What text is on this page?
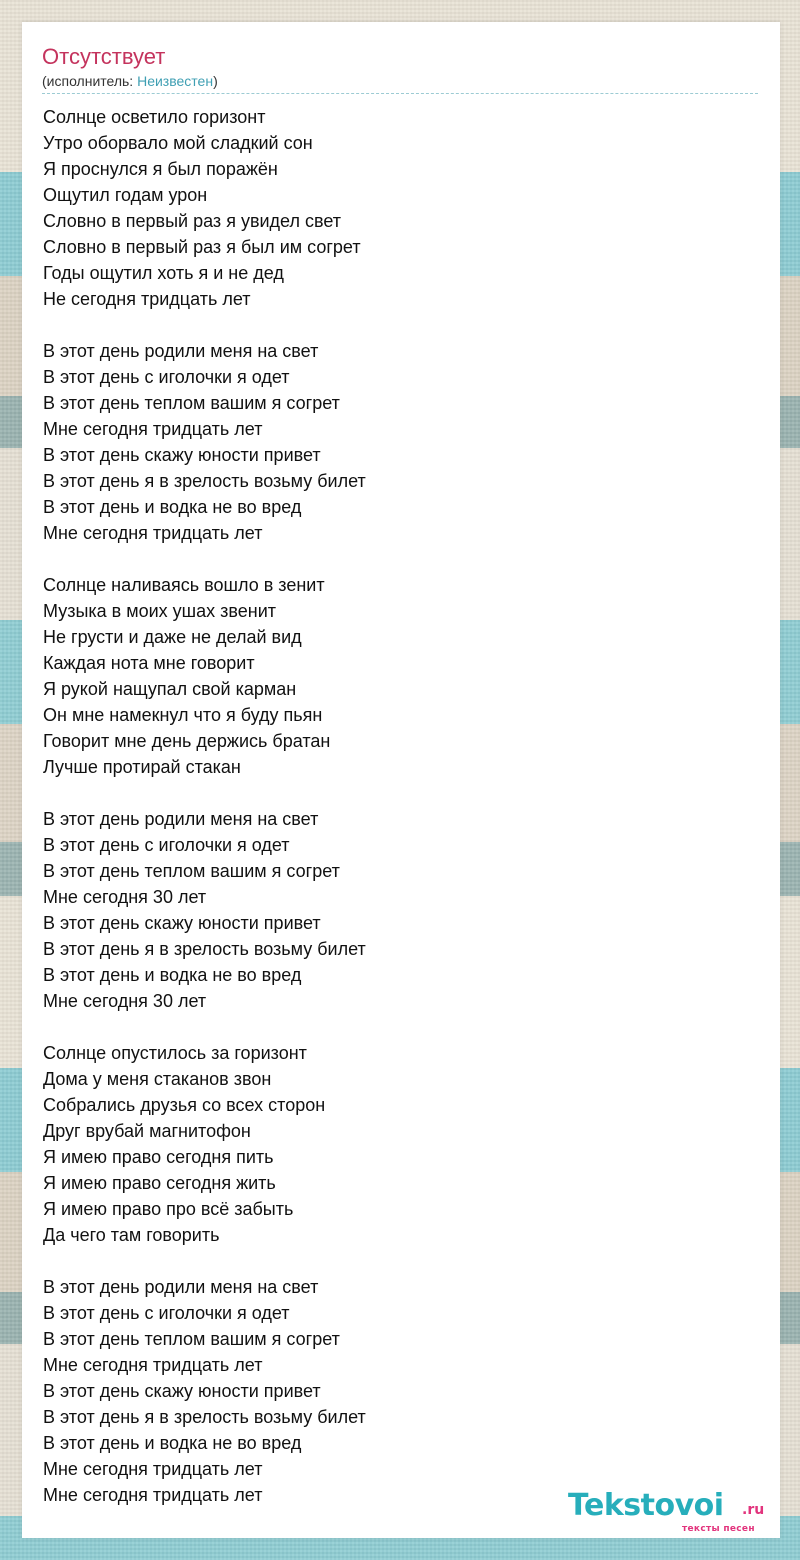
Отсутствует
(исполнитель: Неизвестен)
Солнце осветило горизонт
Утро оборвало мой сладкий сон
Я проснулся я был поражён
Ощутил годам урон
Словно в первый раз я увидел свет
Словно в первый раз я был им согрет
Годы ощутил хоть я и не дед
Не сегодня тридцать лет
В этот день родили меня на свет
В этот день с иголочки я одет
В этот день теплом вашим я согрет
Мне сегодня тридцать лет
В этот день скажу юности привет
В этот день я в зрелость возьму билет
В этот день и водка не во вред
Мне сегодня тридцать лет
Солнце наливаясь вошло в зенит
Музыка в моих ушах звенит
Не грусти и даже не делай вид
Каждая нота мне говорит
Я рукой нащупал свой карман
Он мне намекнул что я буду пьян
Говорит мне день держись братан
Лучше протирай стакан
В этот день родили меня на свет
В этот день с иголочки я одет
В этот день теплом вашим я согрет
Мне сегодня 30 лет
В этот день скажу юности привет
В этот день я в зрелость возьму билет
В этот день и водка не во вред
Мне сегодня 30 лет
Солнце опустилось за горизонт
Дома у меня стаканов звон
Собрались друзья со всех сторон
Друг врубай магнитофон
Я имею право сегодня пить
Я имею право сегодня жить
Я имею право про всё забыть
Да чего там говорить
В этот день родили меня на свет
В этот день с иголочки я одет
В этот день теплом вашим я согрет
Мне сегодня тридцать лет
В этот день скажу юности привет
В этот день я в зрелость возьму билет
В этот день и водка не во вред
Мне сегодня тридцать лет
Мне сегодня тридцать лет	Tekstovoi .ru
тексты песен
